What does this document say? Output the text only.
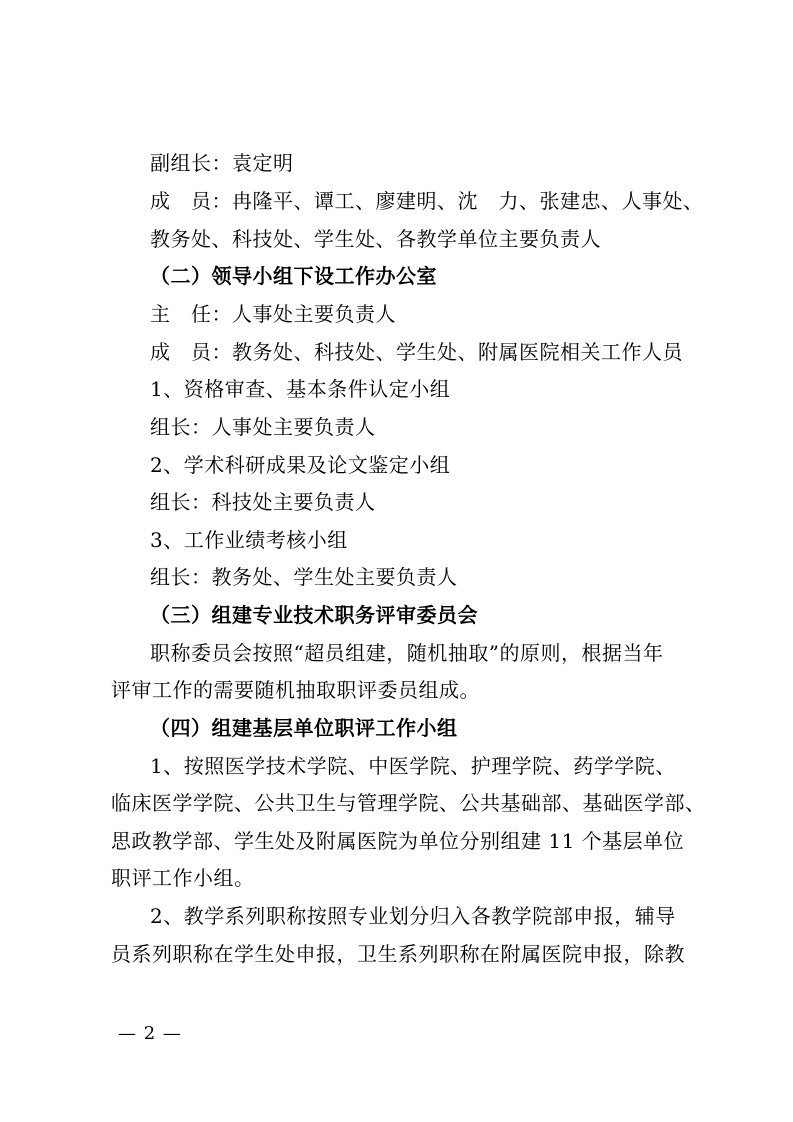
副组长：袁定明
成　员：冉隆平、谭工、廖建明、沈　力、张建忠、人事处、
教务处、科技处、学生处、各教学单位主要负责人
（二）领导小组下设工作办公室
主　任：人事处主要负责人
成　员：教务处、科技处、学生处、附属医院相关工作人员
1、资格审查、基本条件认定小组
组长：人事处主要负责人
2、学术科研成果及论文鉴定小组
组长：科技处主要负责人
3、工作业绩考核小组
组长：教务处、学生处主要负责人
（三）组建专业技术职务评审委员会
职称委员会按照“超员组建，随机抽取”的原则，根据当年
评审工作的需要随机抽取职评委员组成。
（四）组建基层单位职评工作小组
1、按照医学技术学院、中医学院、护理学院、药学学院、
临床医学学院、公共卫生与管理学院、公共基础部、基础医学部、
思政教学部、学生处及附属医院为单位分别组建 11 个基层单位
职评工作小组。
2、教学系列职称按照专业划分归入各教学院部申报，辅导
员系列职称在学生处申报，卫生系列职称在附属医院申报，除教
— 2 —
